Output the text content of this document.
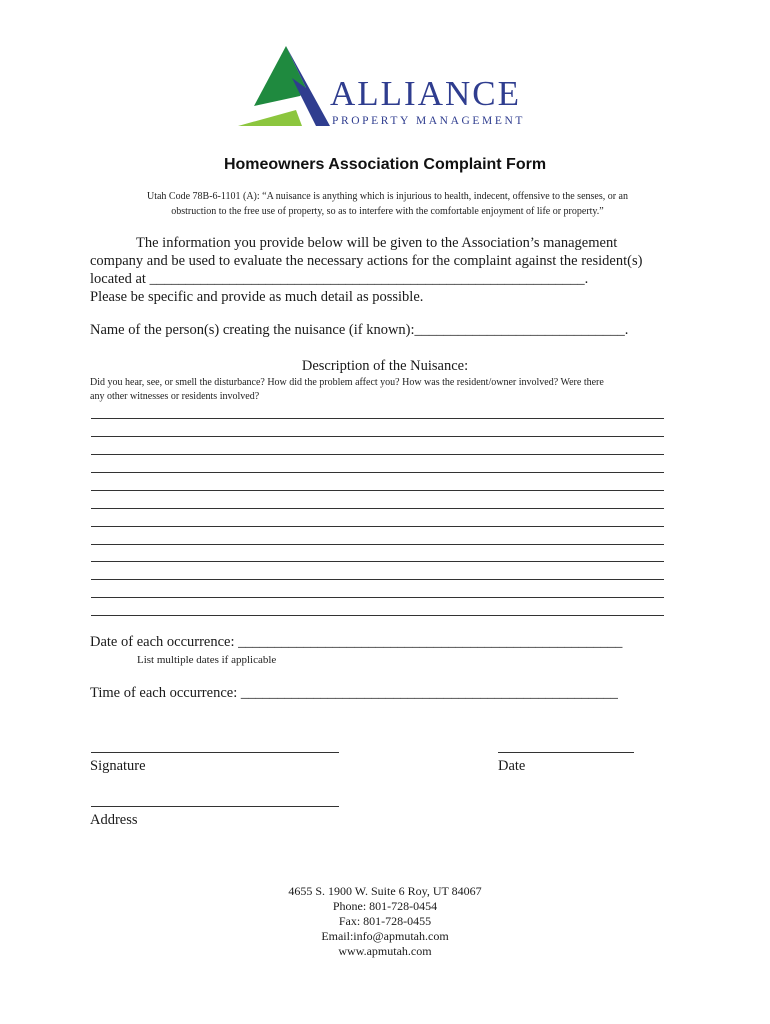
ALLIANCE
PROPERTY MANAGEMENT
Homeowners Association Complaint Form
Utah Code 78B-6-1101 (A): “A nuisance is anything which is injurious to health, indecent, offensive to the senses, or an
obstruction to the free use of property, so as to interfere with the comfortable enjoyment of life or property.”
The information you provide below will be given to the Association’s management
company and be used to evaluate the necessary actions for the complaint against the resident(s)
located at ____________________________________________________________.
Please be specific and provide as much detail as possible.
Name of the person(s) creating the nuisance (if known):_____________________________.
Description of the Nuisance:
Did you hear, see, or smell the disturbance? How did the problem affect you? How was the resident/owner involved? Were there
any other witnesses or residents involved?
Date of each occurrence: _____________________________________________________
List multiple dates if applicable
Time of each occurrence: ____________________________________________________
Signature	Date
Address
4655 S. 1900 W. Suite 6 Roy, UT 84067
Phone: 801-728-0454
Fax: 801-728-0455
Email:info@apmutah.com
www.apmutah.com
